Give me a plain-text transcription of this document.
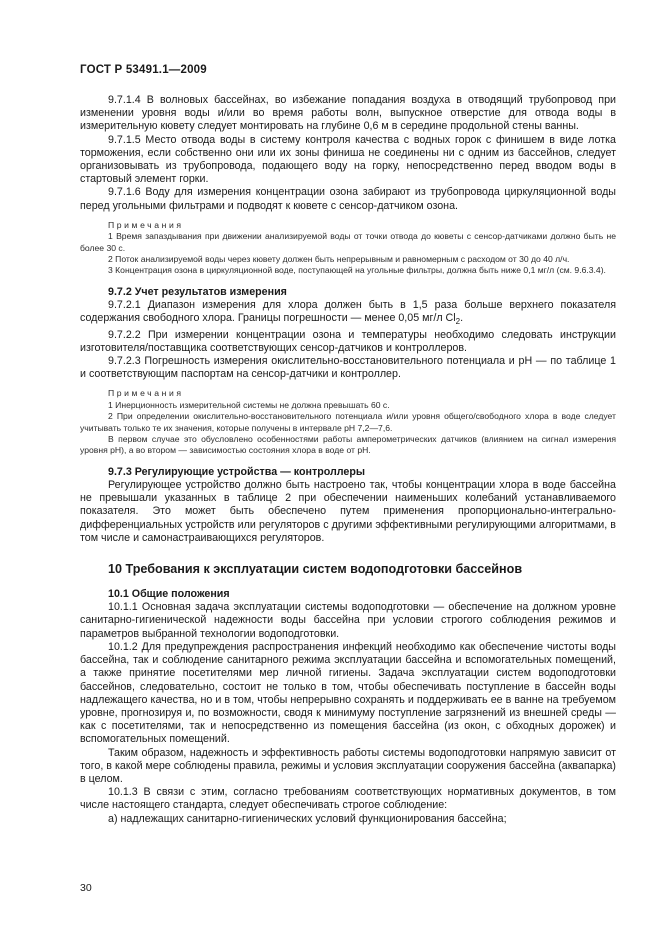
ГОСТ Р 53491.1—2009

9.7.1.4 В волновых бассейнах, во избежание попадания воздуха в отводящий трубопровод при изменении уровня воды и/или во время работы волн, выпускное отверстие для отвода воды в измерительную кювету следует монтировать на глубине 0,6 м в середине продольной стены ванны.

9.7.1.5 Место отвода воды в систему контроля качества с водных горок с финишем в виде лотка торможения, если собственно они или их зоны финиша не соединены ни с одним из бассейнов, следует организовывать из трубопровода, подающего воду на горку, непосредственно перед вводом воды в стартовый элемент горки.

9.7.1.6 Воду для измерения концентрации озона забирают из трубопровода циркуляционной воды перед угольными фильтрами и подводят к кювете с сенсор-датчиком озона.

Примечания

1 Время запаздывания при движении анализируемой воды от точки отвода до кюветы с сенсор-датчиками должно быть не более 30 с.

2 Поток анализируемой воды через кювету должен быть непрерывным и равномерным с расходом от 30 до 40 л/ч.

3 Концентрация озона в циркуляционной воде, поступающей на угольные фильтры, должна быть ниже 0,1 мг/л (см. 9.6.3.4).

9.7.2 Учет результатов измерения

9.7.2.1 Диапазон измерения для хлора должен быть в 1,5 раза больше верхнего показателя содержания свободного хлора. Границы погрешности — менее 0,05 мг/л $Cl_2$.

9.7.2.2 При измерении концентрации озона и температуры необходимо следовать инструкции изготовителя/поставщика соответствующих сенсор-датчиков и контроллеров.

9.7.2.3 Погрешность измерения окислительно-восстановительного потенциала и pH — по таблице 1 и соответствующим паспортам на сенсор-датчики и контроллер.

Примечания

1 Инерционность измерительной системы не должна превышать 60 с.

2 При определении окислительно-восстановительного потенциала и/или уровня общего/свободного хлора в воде следует учитывать только те их значения, которые получены в интервале pH 7,2—7,6.

В первом случае это обусловлено особенностями работы амперометрических датчиков (влиянием на сигнал измерения уровня pH), а во втором — зависимостью состояния хлора в воде от pH.

9.7.3 Регулирующие устройства — контроллеры

Регулирующее устройство должно быть настроено так, чтобы концентрации хлора в воде бассейна не превышали указанных в таблице 2 при обеспечении наименьших колебаний устанавливаемого показателя. Это может быть обеспечено путем применения пропорционально-интегрально-дифференциальных устройств или регуляторов с другими эффективными регулирующими алгоритмами, в том числе и самонастраивающихся регуляторов.

10 Требования к эксплуатации систем водоподготовки бассейнов

10.1 Общие положения

10.1.1 Основная задача эксплуатации системы водоподготовки — обеспечение на должном уровне санитарно-гигиенической надежности воды бассейна при условии строгого соблюдения режимов и параметров выбранной технологии водоподготовки.

10.1.2 Для предупреждения распространения инфекций необходимо как обеспечение чистоты воды бассейна, так и соблюдение санитарного режима эксплуатации бассейна и вспомогательных помещений, а также принятие посетителями мер личной гигиены. Задача эксплуатации систем водоподготовки бассейнов, следовательно, состоит не только в том, чтобы обеспечивать поступление в бассейн воды надлежащего качества, но и в том, чтобы непрерывно сохранять и поддерживать ее в ванне на требуемом уровне, прогнозируя и, по возможности, сводя к минимуму поступление загрязнений из внешней среды — как с посетителями, так и непосредственно из помещения бассейна (из окон, с обходных дорожек) и вспомогательных помещений.

Таким образом, надежность и эффективность работы системы водоподготовки напрямую зависит от того, в какой мере соблюдены правила, режимы и условия эксплуатации сооружения бассейна (аквапарка) в целом.

10.1.3 В связи с этим, согласно требованиям соответствующих нормативных документов, в том числе настоящего стандарта, следует обеспечивать строгое соблюдение:

а) надлежащих санитарно-гигиенических условий функционирования бассейна;

30
